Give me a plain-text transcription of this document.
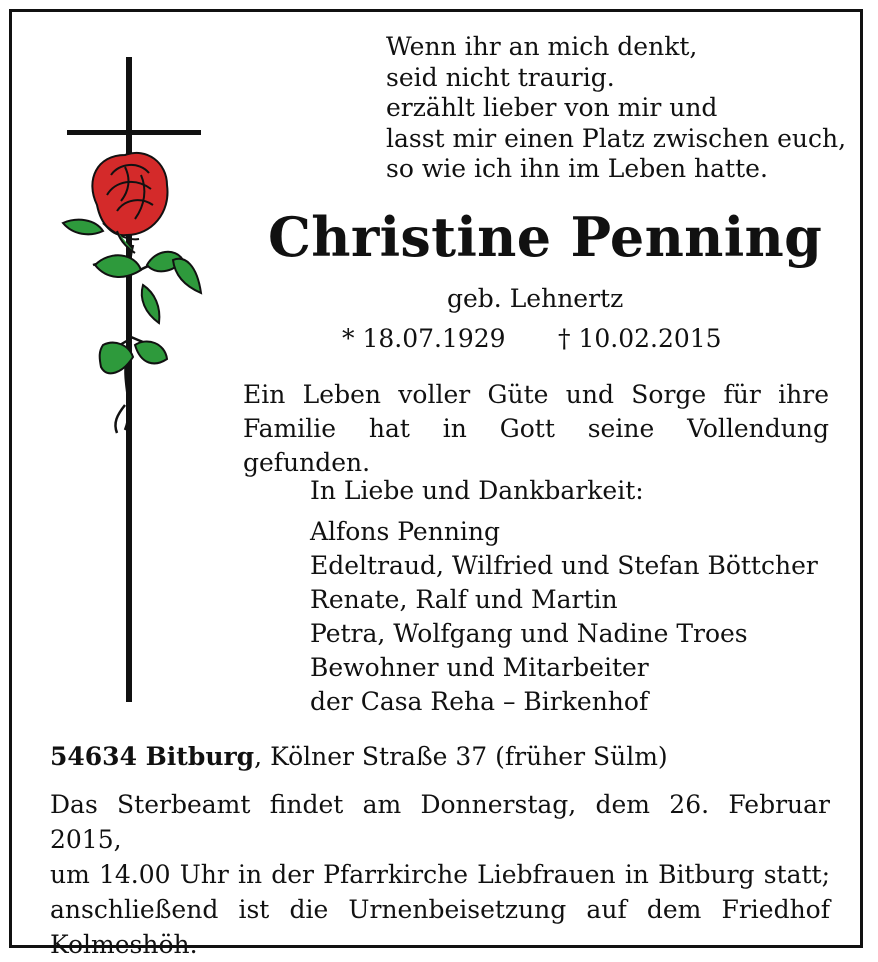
Wenn ihr an mich denkt,
seid nicht traurig.
erzählt lieber von mir und
lasst mir einen Platz zwischen euch,
so wie ich ihn im Leben hatte.
Christine Penning
geb. Lehnertz
* 18.07.1929 † 10.02.2015
Ein Leben voller Güte und Sorge für ihre
Familie hat in Gott seine Vollendung gefunden.
In Liebe und Dankbarkeit:
Alfons Penning
Edeltraud, Wilfried und Stefan Böttcher
Renate, Ralf und Martin
Petra, Wolfgang und Nadine Troes
Bewohner und Mitarbeiter
der Casa Reha – Birkenhof
54634 Bitburg, Kölner Straße 37 (früher Sülm)
Das Sterbeamt findet am Donnerstag, dem 26. Februar 2015,
um 14.00 Uhr in der Pfarrkirche Liebfrauen in Bitburg statt;
anschließend ist die Urnenbeisetzung auf dem Friedhof
Kolmeshöh.
